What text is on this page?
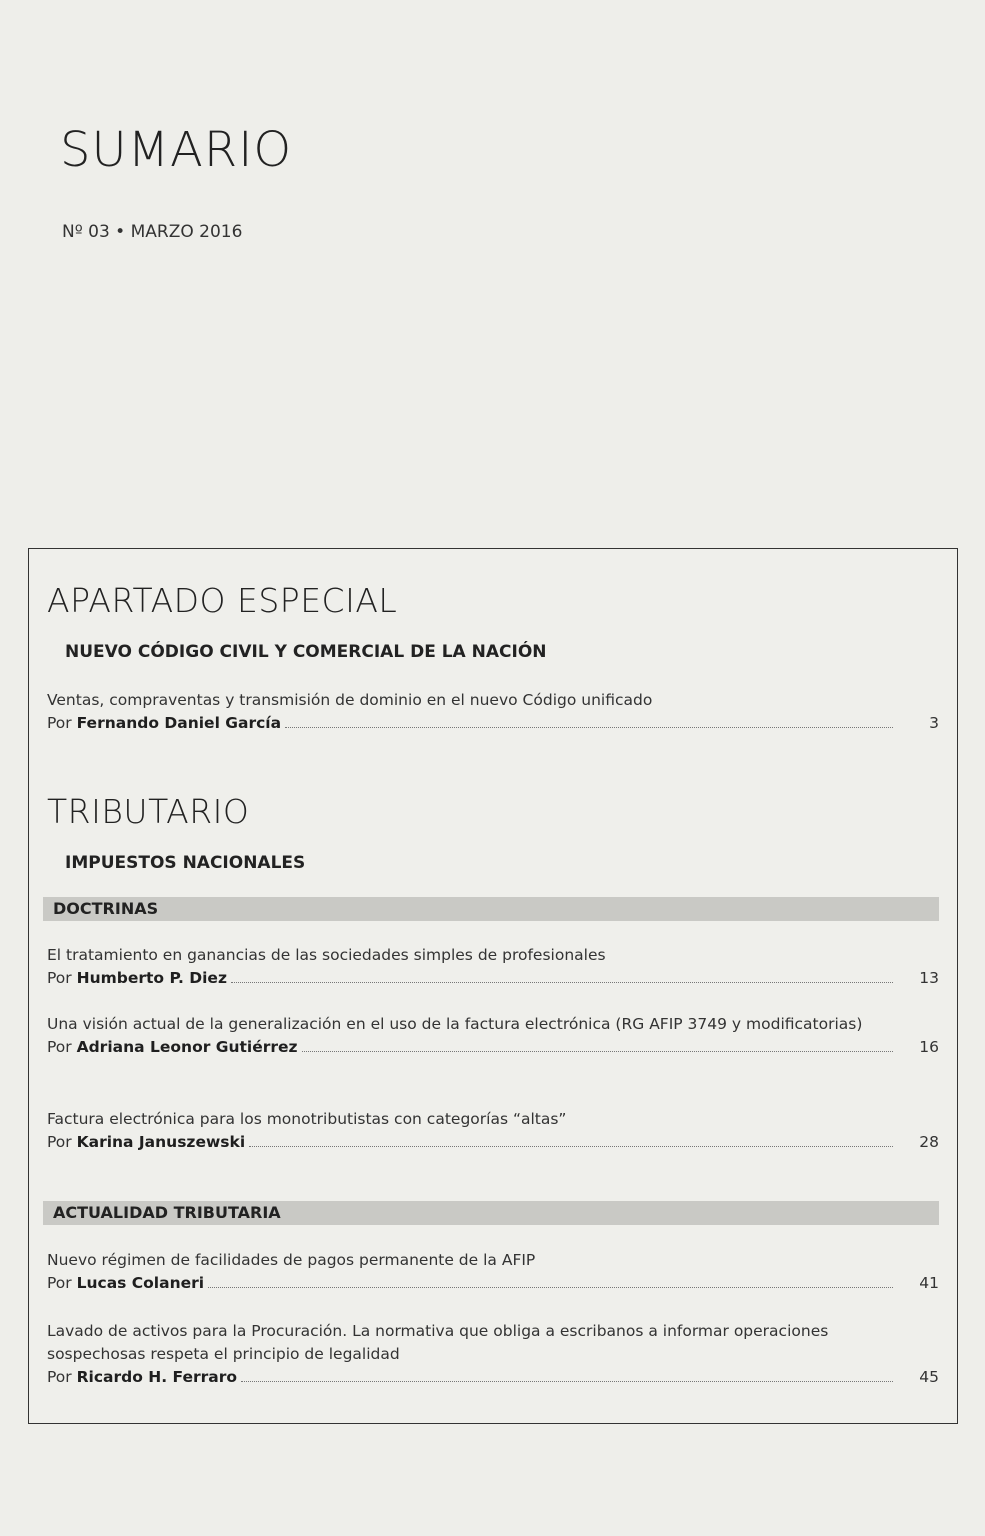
SUMARIO
Nº 03 • MARZO 2016
APARTADO ESPECIAL
NUEVO CÓDIGO CIVIL Y COMERCIAL DE LA NACIÓN
Ventas, compraventas y transmisión de dominio en el nuevo Código unificado
Por
Fernando Daniel García	3
TRIBUTARIO
IMPUESTOS NACIONALES
DOCTRINAS
El tratamiento en ganancias de las sociedades simples de profesionales
Por
Humberto P. Diez	13
Una visión actual de la generalización en el uso de la factura electrónica (RG AFIP 3749 y modificatorias)
Por
Adriana Leonor Gutiérrez	16
Factura electrónica para los monotributistas con categorías “altas”
Por
Karina Januszewski	28
ACTUALIDAD TRIBUTARIA
Nuevo régimen de facilidades de pagos permanente de la AFIP
Por
Lucas Colaneri	41
Lavado de activos para la Procuración. La normativa que obliga a escribanos a informar operaciones sospechosas respeta el principio de legalidad
Por
Ricardo H. Ferraro	45
